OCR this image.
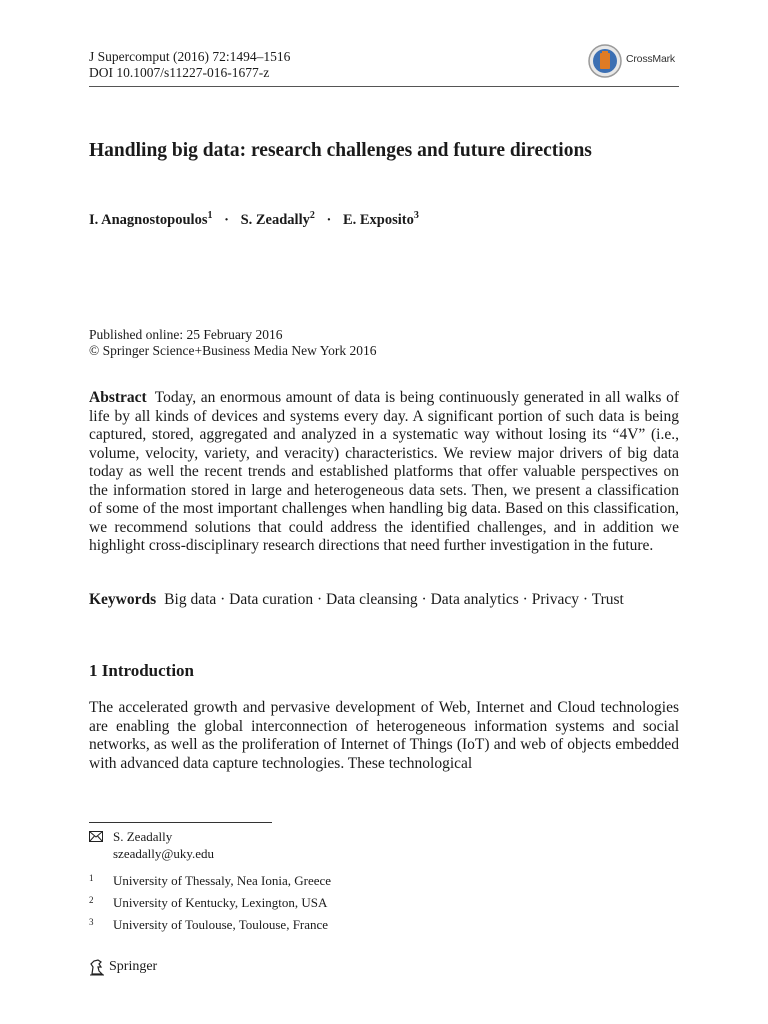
J Supercomput (2016) 72:1494–1516
DOI 10.1007/s11227-016-1677-z
CrossMark
Handling big data: research challenges and future directions
I. Anagnostopoulos$^1$ · S. Zeadally$^2$ · E. Exposito$^3$
Published online: 25 February 2016
© Springer Science+Business Media New York 2016
Abstract Today, an enormous amount of data is being continuously generated in all walks of life by all kinds of devices and systems every day. A significant portion of such data is being captured, stored, aggregated and analyzed in a systematic way without losing its “4V” (i.e., volume, velocity, variety, and veracity) characteristics. We review major drivers of big data today as well the recent trends and established platforms that offer valuable perspectives on the information stored in large and heterogeneous data sets. Then, we present a classification of some of the most important challenges when handling big data. Based on this classification, we recommend solutions that could address the identified challenges, and in addition we highlight cross-disciplinary research directions that need further investigation in the future.
Keywords Big data · Data curation · Data cleansing · Data analytics · Privacy · Trust
1 Introduction
The accelerated growth and pervasive development of Web, Internet and Cloud technologies are enabling the global interconnection of heterogeneous information systems and social networks, as well as the proliferation of Internet of Things (IoT) and web of objects embedded with advanced data capture technologies. These technological
S. Zeadally
szeadally@uky.edu
$^1$ University of Thessaly, Nea Ionia, Greece
$^2$ University of Kentucky, Lexington, USA
$^3$ University of Toulouse, Toulouse, France
Springer
